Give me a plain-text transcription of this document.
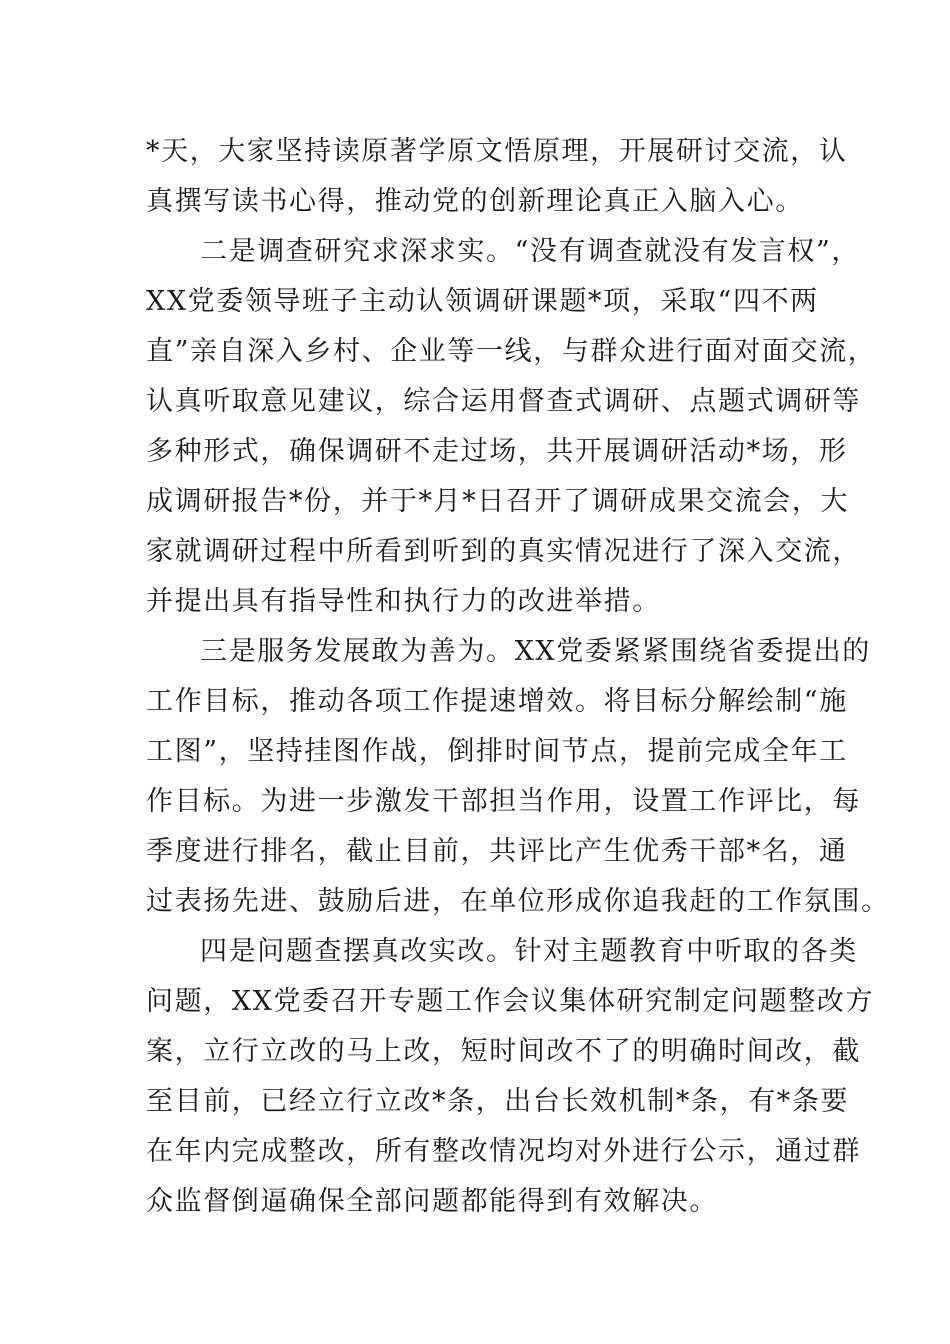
*天，大家坚持读原著学原文悟原理，开展研讨交流，认
真撰写读书心得，推动党的创新理论真正入脑入心。
二是调查研究求深求实。“没有调查就没有发言权”，
XX党委领导班子主动认领调研课题*项，采取“四不两
直”亲自深入乡村、企业等一线，与群众进行面对面交流，
认真听取意见建议，综合运用督查式调研、点题式调研等
多种形式，确保调研不走过场，共开展调研活动*场，形
成调研报告*份，并于*月*日召开了调研成果交流会，大
家就调研过程中所看到听到的真实情况进行了深入交流，
并提出具有指导性和执行力的改进举措。
三是服务发展敢为善为。XX党委紧紧围绕省委提出的
工作目标，推动各项工作提速增效。将目标分解绘制“施
工图”，坚持挂图作战，倒排时间节点，提前完成全年工
作目标。为进一步激发干部担当作用，设置工作评比，每
季度进行排名，截止目前，共评比产生优秀干部*名，通
过表扬先进、鼓励后进，在单位形成你追我赶的工作氛围。
四是问题查摆真改实改。针对主题教育中听取的各类
问题，XX党委召开专题工作会议集体研究制定问题整改方
案，立行立改的马上改，短时间改不了的明确时间改，截
至目前，已经立行立改*条，出台长效机制*条，有*条要
在年内完成整改，所有整改情况均对外进行公示，通过群
众监督倒逼确保全部问题都能得到有效解决。
